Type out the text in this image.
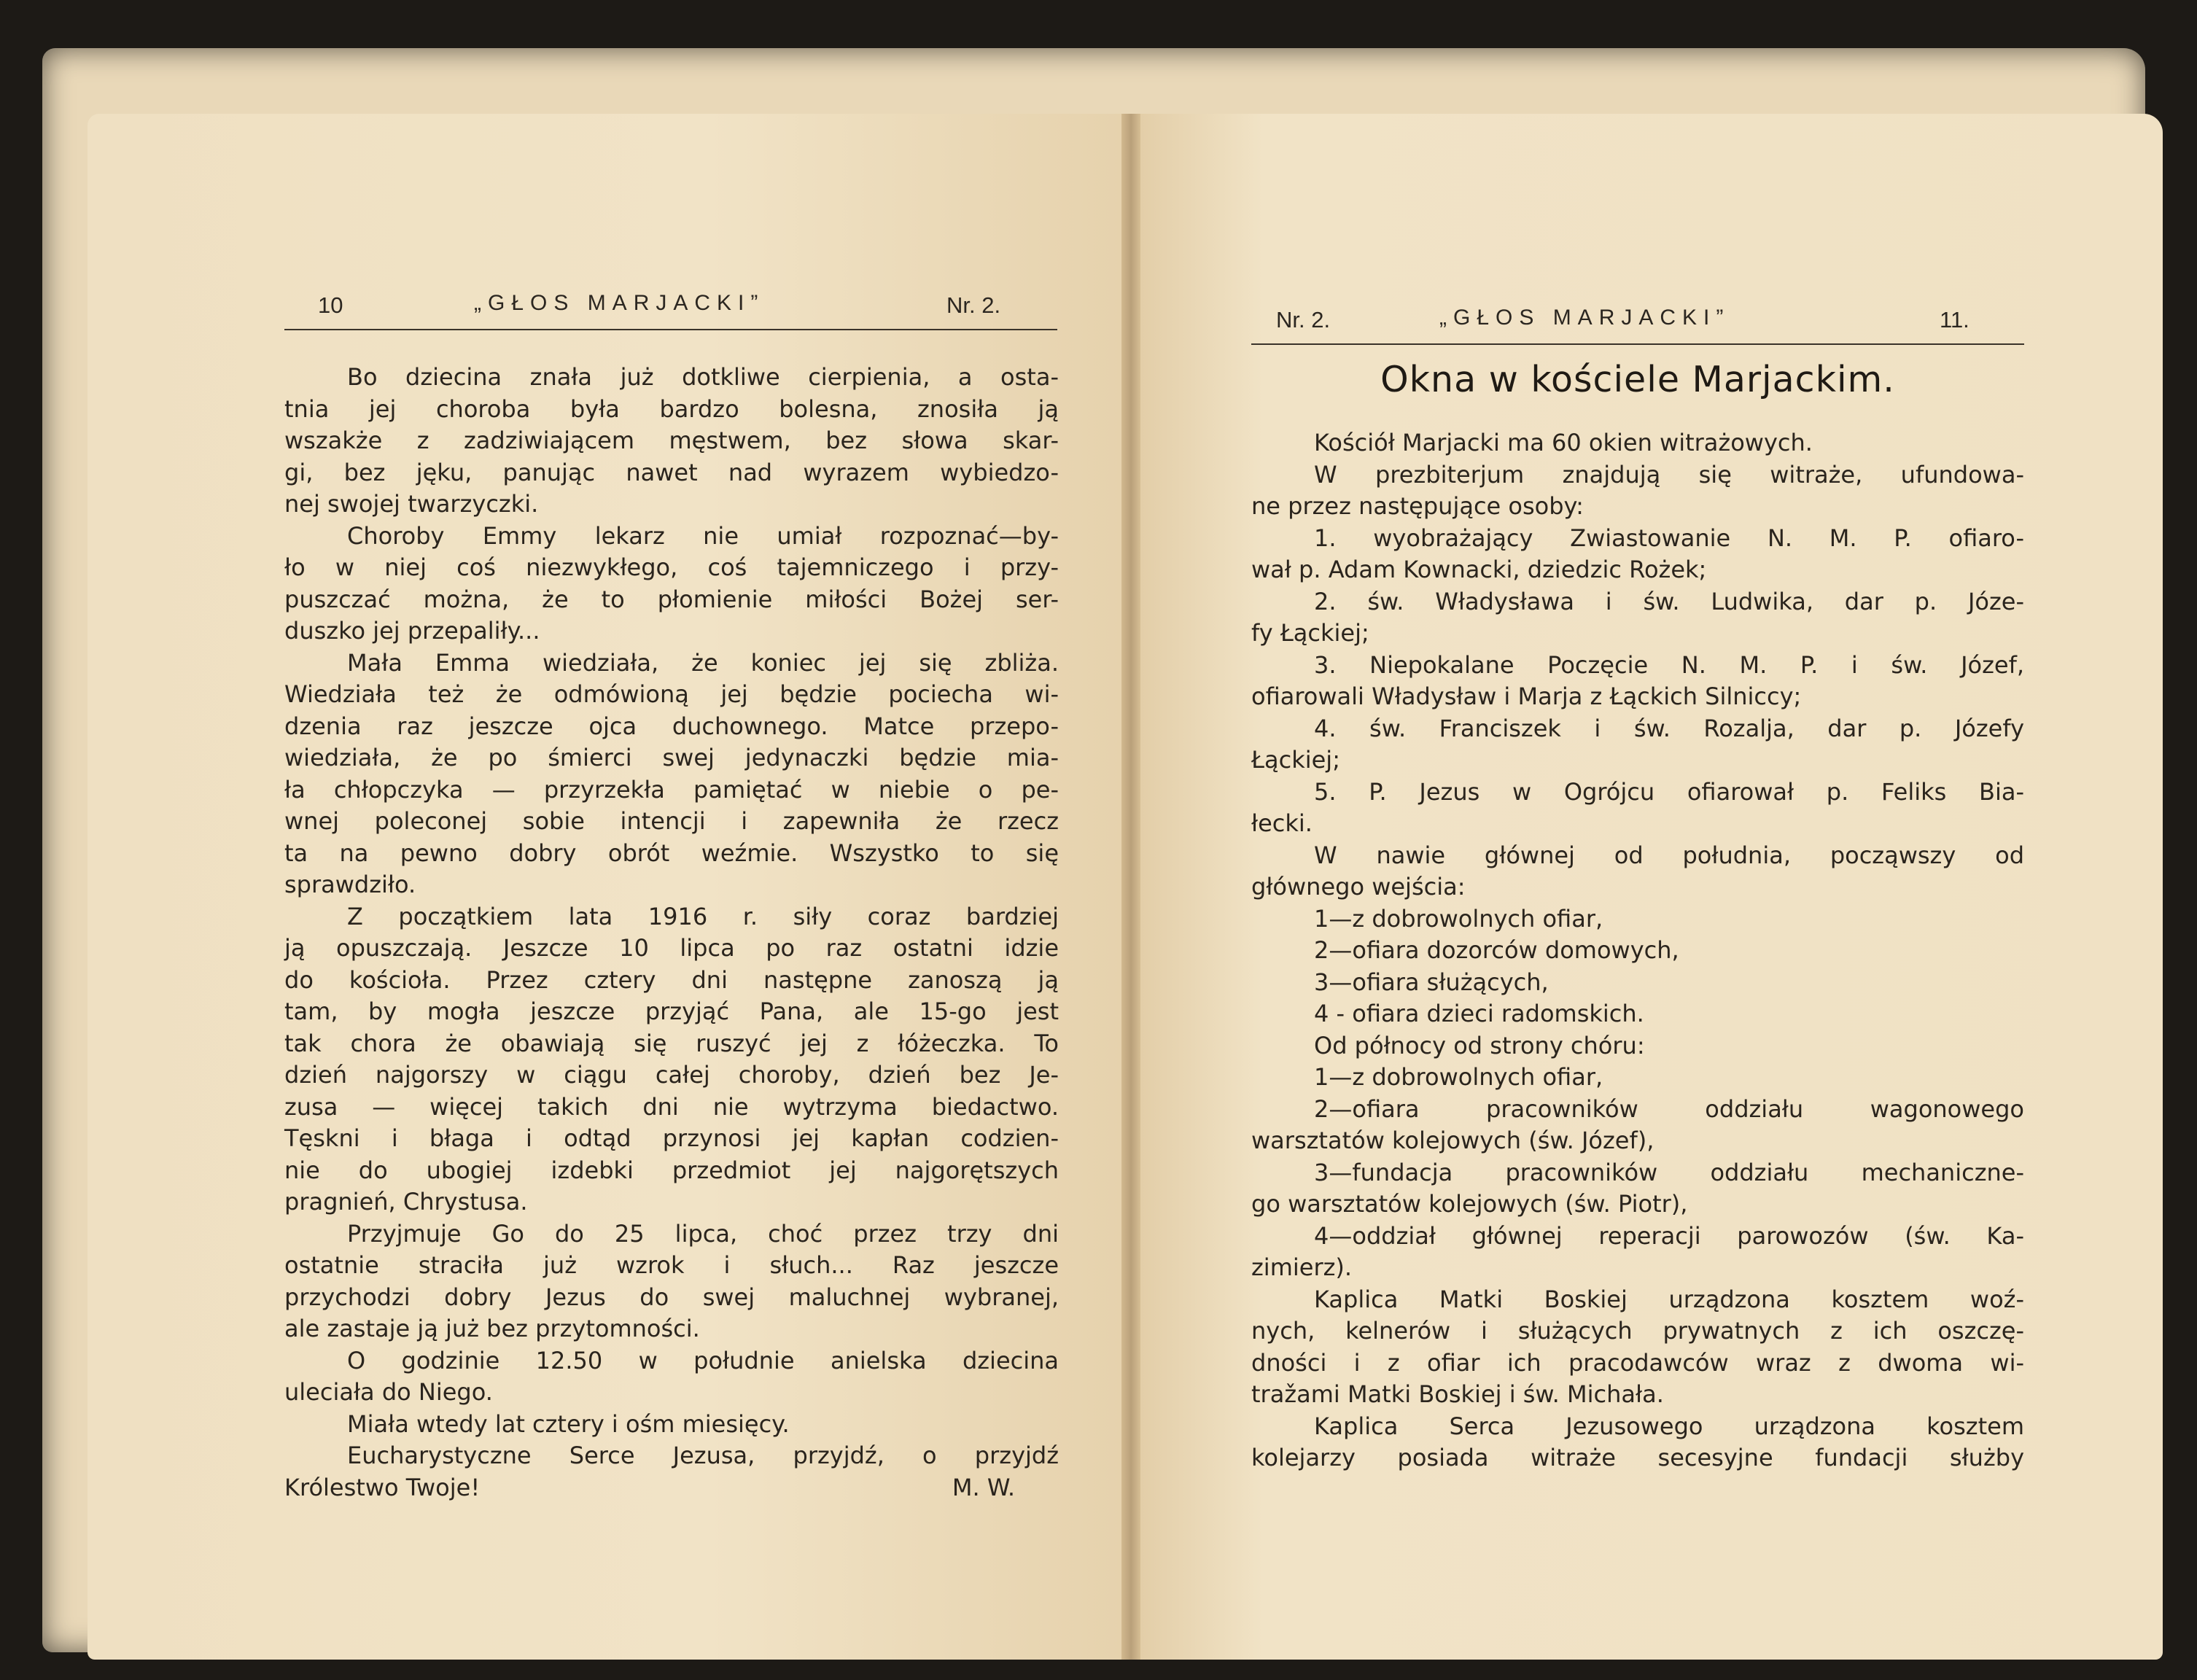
10	„GŁOS MARJACKI”	Nr. 2.

Bo dziecina znała już dotkliwe cierpienia, a osta-

tnia jej choroba była bardzo bolesna, znosiła ją

wszakże z zadziwiającem męstwem, bez słowa skar-

gi, bez jęku, panując nawet nad wyrazem wybiedzo-

nej swojej twarzyczki.

Choroby Emmy lekarz nie umiał rozpoznać—by-

ło w niej coś niezwykłego, coś tajemniczego i przy-

puszczać można, że to płomienie miłości Bożej ser-

duszko jej przepaliły...

Mała Emma wiedziała, że koniec jej się zbliża.

Wiedziała też że odmówioną jej będzie pociecha wi-

dzenia raz jeszcze ojca duchownego. Matce przepo-

wiedziała, że po śmierci swej jedynaczki będzie mia-

ła chłopczyka — przyrzekła pamiętać w niebie o pe-

wnej poleconej sobie intencji i zapewniła że rzecz

ta na pewno dobry obrót weźmie. Wszystko to się

sprawdziło.

Z początkiem lata 1916 r. siły coraz bardziej

ją opuszczają. Jeszcze 10 lipca po raz ostatni idzie

do kościoła. Przez cztery dni następne zanoszą ją

tam, by mogła jeszcze przyjąć Pana, ale 15-go jest

tak chora że obawiają się ruszyć jej z łóżeczka. To

dzień najgorszy w ciągu całej choroby, dzień bez Je-

zusa — więcej takich dni nie wytrzyma biedactwo.

Tęskni i błaga i odtąd przynosi jej kapłan codzien-

nie do ubogiej izdebki przedmiot jej najgorętszych

pragnień, Chrystusa.

Przyjmuje Go do 25 lipca, choć przez trzy dni

ostatnie straciła już wzrok i słuch... Raz jeszcze

przychodzi dobry Jezus do swej maluchnej wybranej,

ale zastaje ją już bez przytomności.

O godzinie 12.50 w południe anielska dziecina

uleciała do Niego.

Miała wtedy lat cztery i ośm miesięcy.

Eucharystyczne Serce Jezusa, przyjdź, o przyjdź

Królestwo Twoje!	M. W.

Nr. 2.	„GŁOS MARJACKI”	11.
Okna w kościele Marjackim.

Kościół Marjacki ma 60 okien witrażowych.

W prezbiterjum znajdują się witraże, ufundowa-

ne przez następujące osoby:

1. wyobrażający Zwiastowanie N. M. P. ofiaro-

wał p. Adam Kownacki, dziedzic Rożek;

2. św. Władysława i św. Ludwika, dar p. Józe-

fy Łąckiej;

3. Niepokalane Poczęcie N. M. P. i św. Józef,

ofiarowali Władysław i Marja z Łąckich Silniccy;

4. św. Franciszek i św. Rozalja, dar p. Józefy

Łąckiej;

5. P. Jezus w Ogrójcu ofiarował p. Feliks Bia-

łecki.

W nawie głównej od południa, począwszy od

głównego wejścia:

1—z dobrowolnych ofiar,

2—ofiara dozorców domowych,

3—ofiara służących,

4 - ofiara dzieci radomskich.

Od północy od strony chóru:

1—z dobrowolnych ofiar,

2—ofiara pracowników oddziału wagonowego

warsztatów kolejowych (św. Józef),

3—fundacja pracowników oddziału mechaniczne-

go warsztatów kolejowych (św. Piotr),

4—oddział głównej reperacji parowozów (św. Ka-

zimierz).

Kaplica Matki Boskiej urządzona kosztem woź-

nych, kelnerów i służących prywatnych z ich oszczę-

dności i z ofiar ich pracodawców wraz z dwoma wi-

tražami Matki Boskiej i św. Michała.

Kaplica Serca Jezusowego urządzona kosztem

kolejarzy posiada witraże secesyjne fundacji służby
